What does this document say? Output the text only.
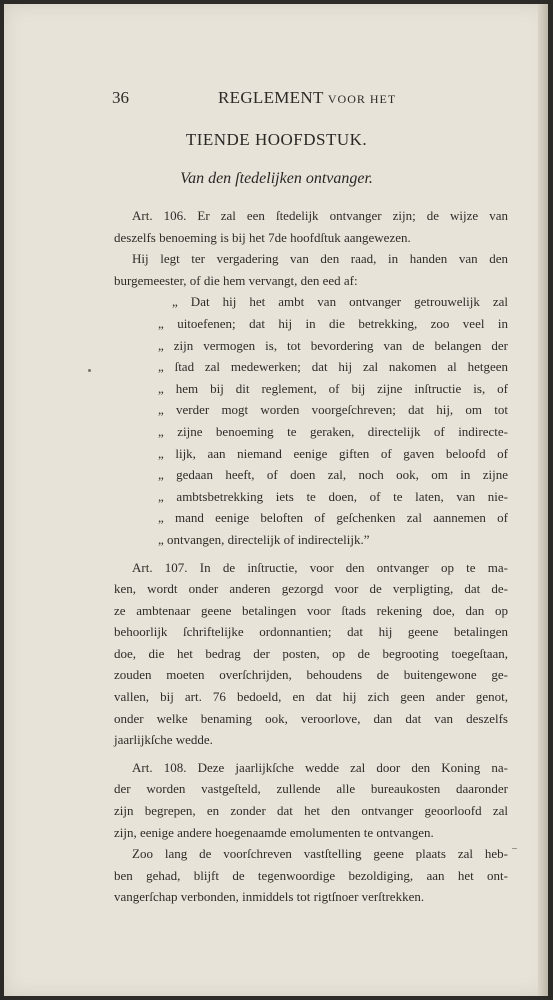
36	REGLEMENT VOOR HET
TIENDE HOOFDSTUK.
Van den ſtedelijken ontvanger.
Art. 106. Er zal een ſtedelijk ontvanger zijn; de wijze van
deszelfs benoeming is bij het 7de hoofdſtuk aangewezen.
Hij legt ter vergadering van den raad, in handen van den
burgemeester, of die hem vervangt, den eed af:
„ Dat hij het ambt van ontvanger getrouwelijk zal
„ uitoefenen; dat hij in die betrekking, zoo veel in
„ zijn vermogen is, tot bevordering van de belangen der
„ ſtad zal medewerken; dat hij zal nakomen al hetgeen
„ hem bij dit reglement, of bij zijne inſtructie is, of
„ verder mogt worden voorgeſchreven; dat hij, om tot
„ zijne benoeming te geraken, directelijk of indirecte-
„ lijk, aan niemand eenige giften of gaven beloofd of
„ gedaan heeft, of doen zal, noch ook, om in zijne
„ ambtsbetrekking iets te doen, of te laten, van nie-
„ mand eenige beloften of geſchenken zal aannemen of
„ ontvangen, directelijk of indirectelijk.”
Art. 107. In de inſtructie, voor den ontvanger op te ma-
ken, wordt onder anderen gezorgd voor de verpligting, dat de-
ze ambtenaar geene betalingen voor ſtads rekening doe, dan op
behoorlijk ſchriftelijke ordonnantien; dat hij geene betalingen
doe, die het bedrag der posten, op de begrooting toegeſtaan,
zouden moeten overſchrijden, behoudens de buitengewone ge-
vallen, bij art. 76 bedoeld, en dat hij zich geen ander genot,
onder welke benaming ook, veroorlove, dan dat van deszelfs
jaarlijkſche wedde.
Art. 108. Deze jaarlijkſche wedde zal door den Koning na-
der worden vastgeſteld, zullende alle bureaukosten daaronder
zijn begrepen, en zonder dat het den ontvanger geoorloofd zal
zijn, eenige andere hoegenaamde emolumenten te ontvangen.
Zoo lang de voorſchreven vastſtelling geene plaats zal heb-
ben gehad, blijft de tegenwoordige bezoldiging, aan het ont-
vangerſchap verbonden, inmiddels tot rigtſnoer verſtrekken.
